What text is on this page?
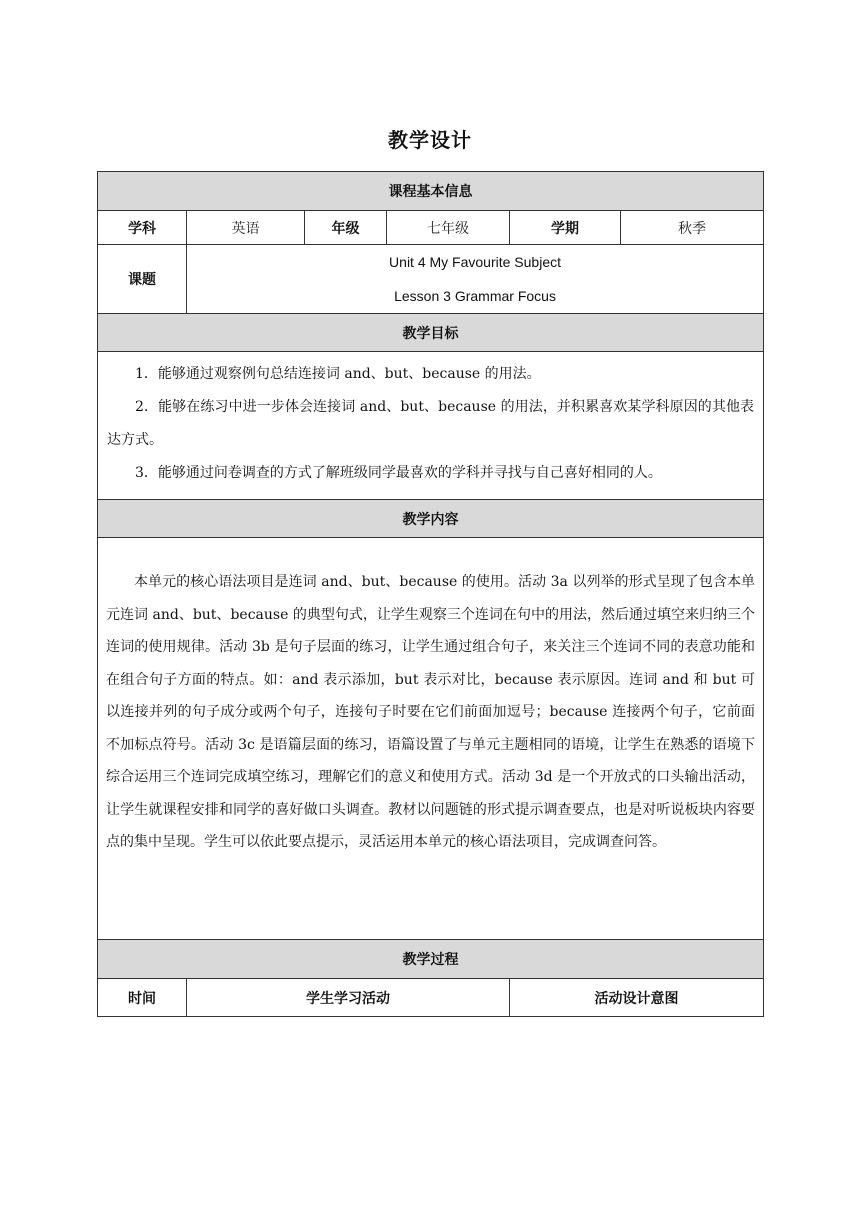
教学设计
课程基本信息					
学科	英语	年级	七年级	学期	秋季
课题	Unit 4 My Favourite Subject
Lesson 3 Grammar Focus				

教学目标					

1．能够通过观察例句总结连接词 and、but、because 的用法。
2．能够在练习中进一步体会连接词 and、but、because 的用法，并积累喜欢某学科原因的其他表达方式。
3．能够通过问卷调查的方式了解班级同学最喜欢的学科并寻找与自己喜好相同的人。					

教学内容					

本单元的核心语法项目是连词 and、but、because 的使用。活动 3a 以列举的形式呈现了包含本单元连词 and、but、because 的典型句式，让学生观察三个连词在句中的用法，然后通过填空来归纳三个连词的使用规律。活动 3b 是句子层面的练习，让学生通过组合句子，来关注三个连词不同的表意功能和在组合句子方面的特点。如：and 表示添加，but 表示对比，because 表示原因。连词 and 和 but 可以连接并列的句子成分或两个句子，连接句子时要在它们前面加逗号；because 连接两个句子，它前面不加标点符号。活动 3c 是语篇层面的练习，语篇设置了与单元主题相同的语境，让学生在熟悉的语境下综合运用三个连词完成填空练习，理解它们的意义和使用方式。活动 3d 是一个开放式的口头输出活动，让学生就课程安排和同学的喜好做口头调查。教材以问题链的形式提示调查要点，也是对听说板块内容要点的集中呈现。学生可以依此要点提示，灵活运用本单元的核心语法项目，完成调查问答。					

教学过程					
时间	学生学习活动			活动设计意图	
